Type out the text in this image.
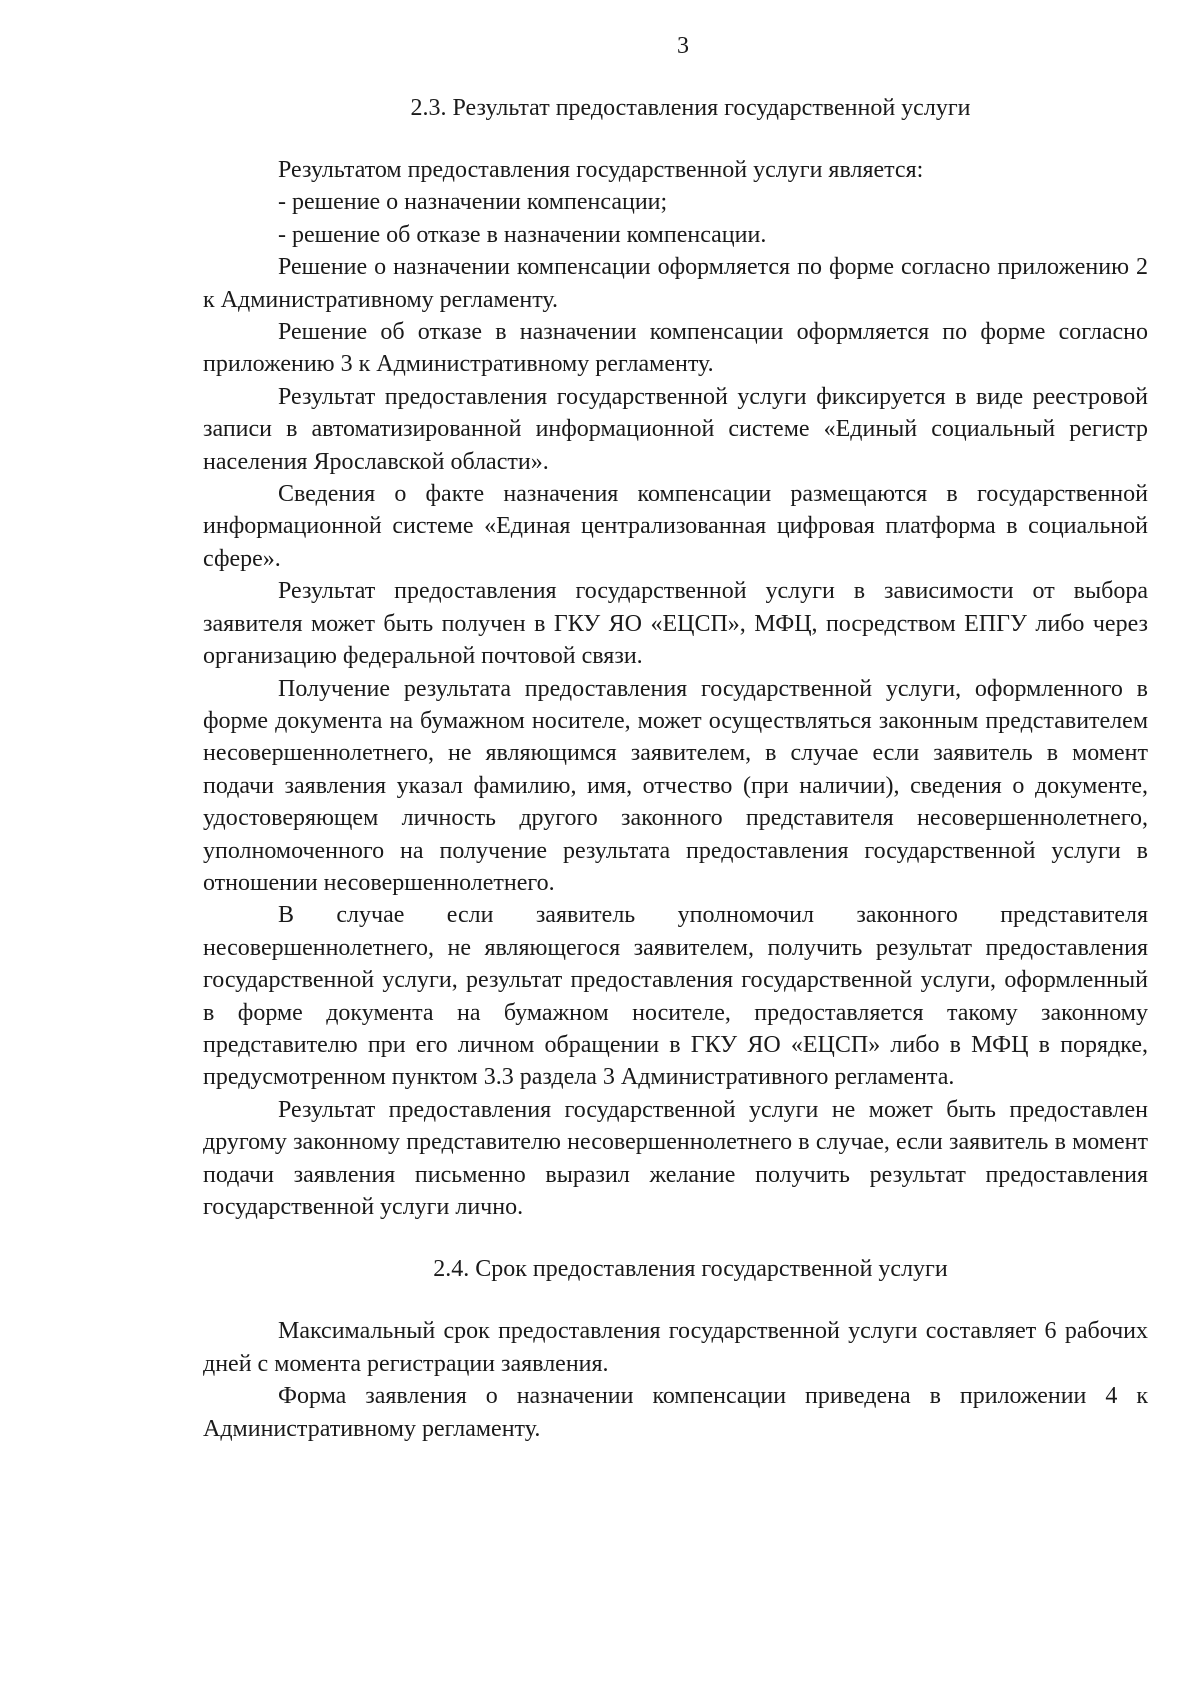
3
2.3. Результат предоставления государственной услуги

Результатом предоставления государственной услуги является:

- решение о назначении компенсации;

- решение об отказе в назначении компенсации.

Решение о назначении компенсации оформляется по форме согласно приложению 2 к Административному регламенту.

Решение об отказе в назначении компенсации оформляется по форме согласно приложению 3 к Административному регламенту.

Результат предоставления государственной услуги фиксируется в виде реестровой записи в автоматизированной информационной системе «Единый социальный регистр населения Ярославской области».

Сведения о факте назначения компенсации размещаются в государственной информационной системе «Единая централизованная цифровая платформа в социальной сфере».

Результат предоставления государственной услуги в зависимости от выбора заявителя может быть получен в ГКУ ЯО «ЕЦСП», МФЦ, посредством ЕПГУ либо через организацию федеральной почтовой связи.

Получение результата предоставления государственной услуги, оформленного в форме документа на бумажном носителе, может осуществляться законным представителем несовершеннолетнего, не являющимся заявителем, в случае если заявитель в момент подачи заявления указал фамилию, имя, отчество (при наличии), сведения о документе, удостоверяющем личность другого законного представителя несовершеннолетнего, уполномоченного на получение результата предоставления государственной услуги в отношении несовершеннолетнего.

В случае если заявитель уполномочил законного представителя несовершеннолетнего, не являющегося заявителем, получить результат предоставления государственной услуги, результат предоставления государственной услуги, оформленный в форме документа на бумажном носителе, предоставляется такому законному представителю при его личном обращении в ГКУ ЯО «ЕЦСП» либо в МФЦ в порядке, предусмотренном пунктом 3.3 раздела 3 Административного регламента.

Результат предоставления государственной услуги не может быть предоставлен другому законному представителю несовершеннолетнего в случае, если заявитель в момент подачи заявления письменно выразил желание получить результат предоставления государственной услуги лично.

2.4. Срок предоставления государственной услуги

Максимальный срок предоставления государственной услуги составляет 6 рабочих дней с момента регистрации заявления.

Форма заявления о назначении компенсации приведена в приложении 4 к Административному регламенту.
